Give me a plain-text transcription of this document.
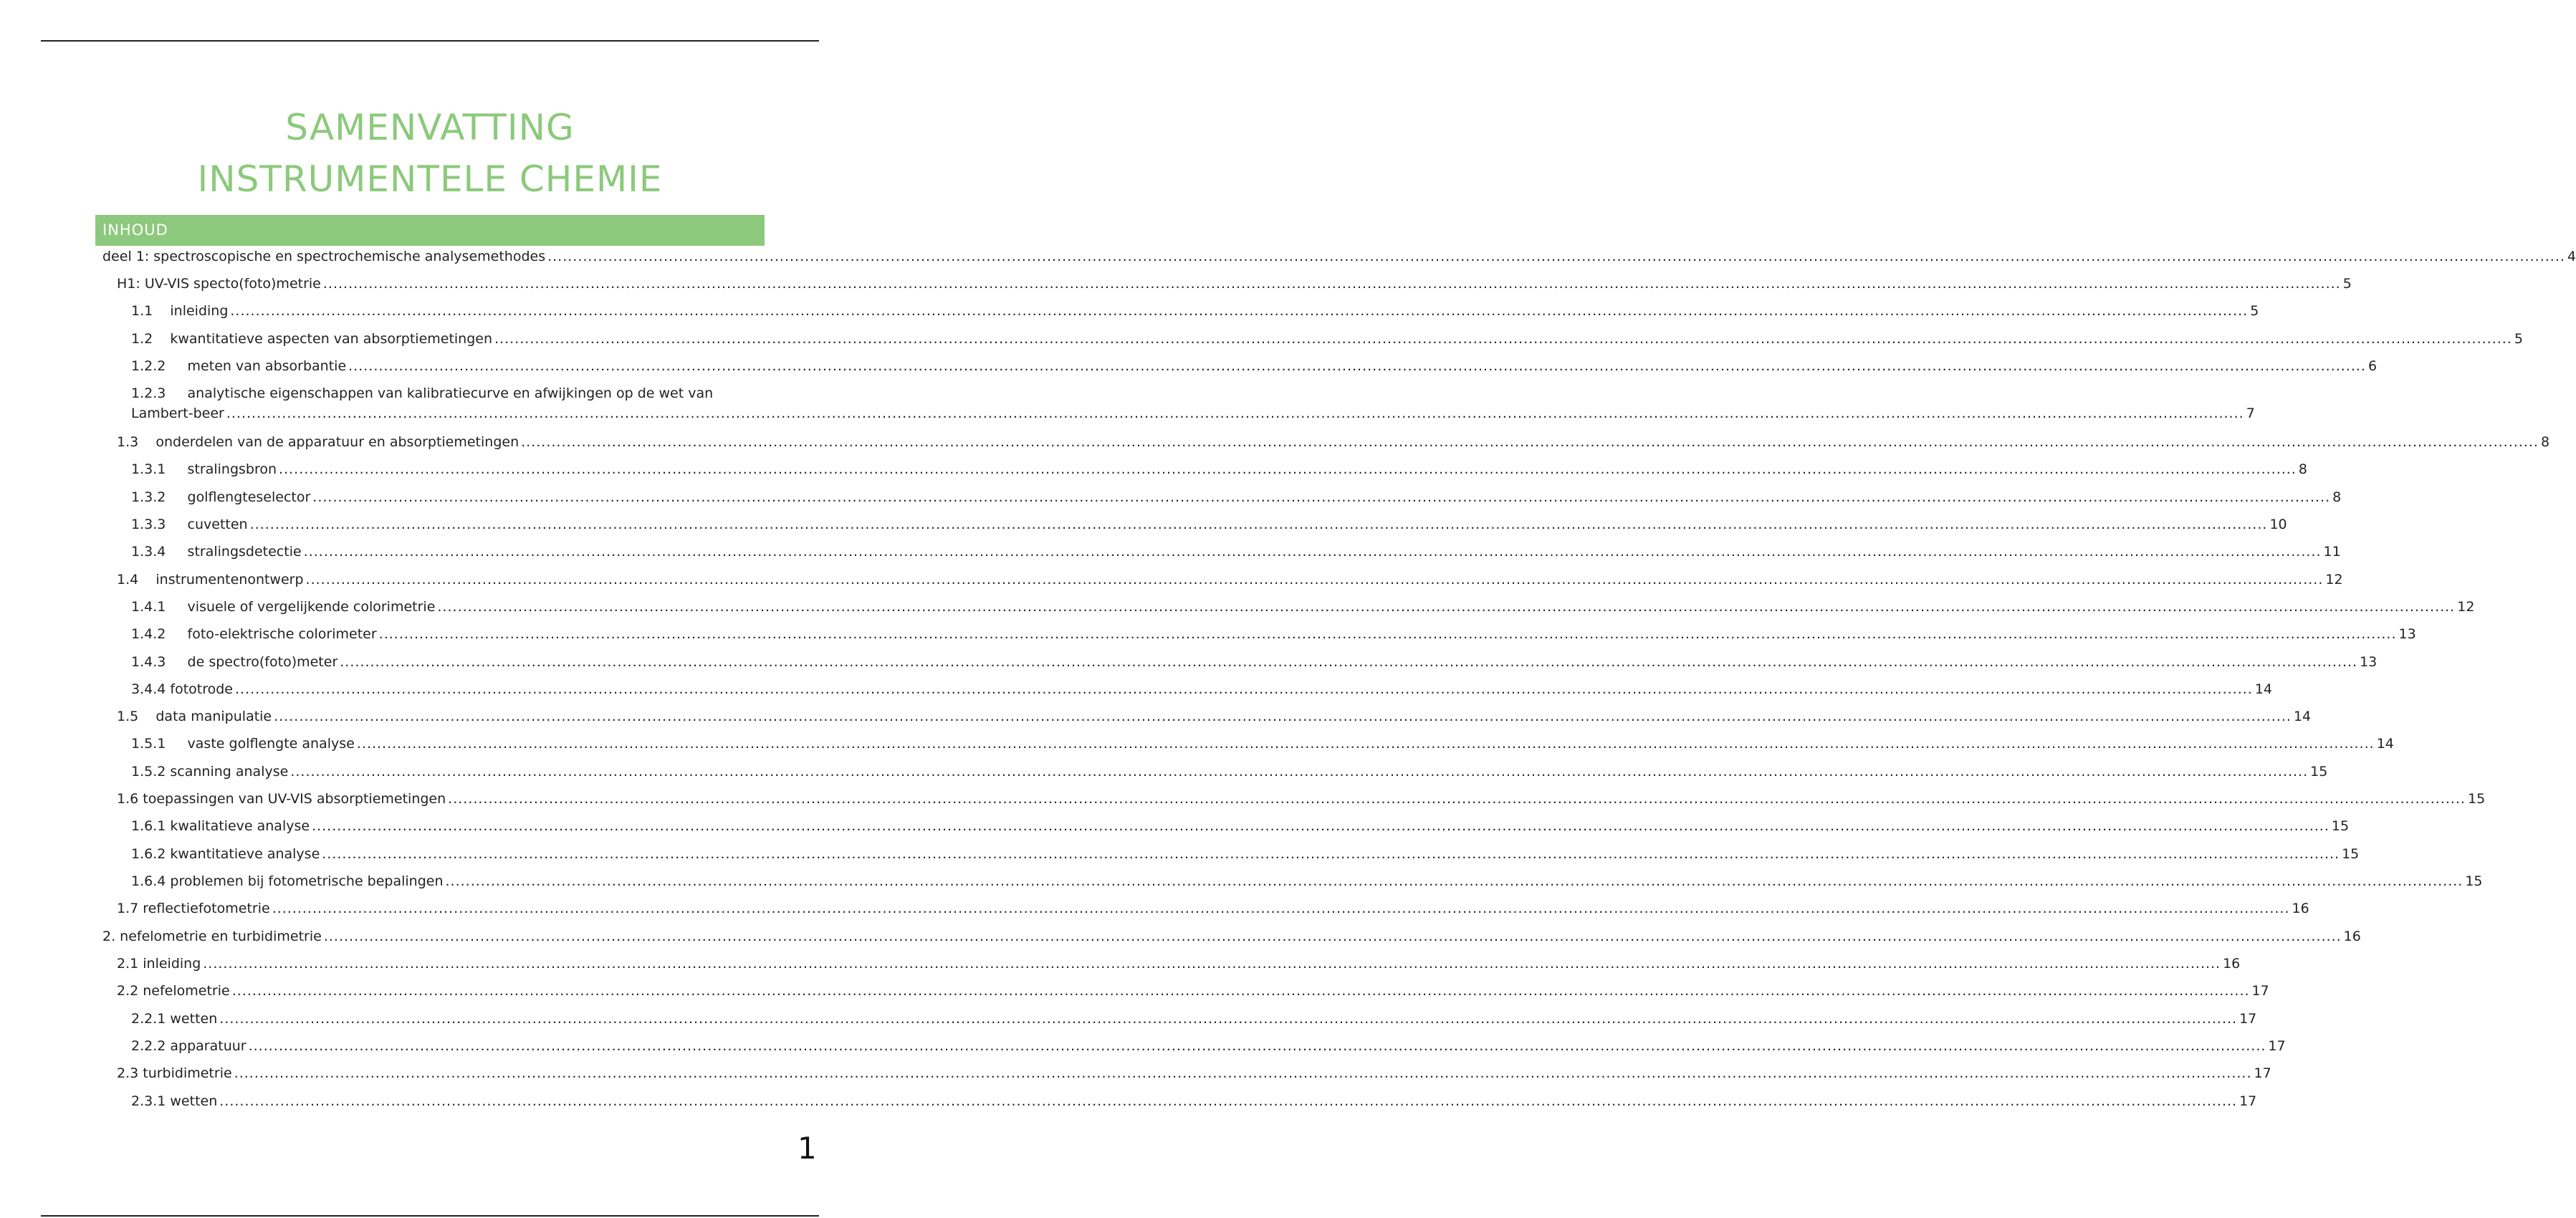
SAMENVATTING
INSTRUMENTELE CHEMIE
INHOUD
deel 1: spectroscopische en spectrochemische analysemethodes ................................................................................................................................................................................................................................................................................................................................................................................................................ 4
H1: UV-VIS specto(foto)metrie ................................................................................................................................................................................................................................................................................................................................................................................................................ 5
1.1    inleiding ................................................................................................................................................................................................................................................................................................................................................................................................................ 5
1.2    kwantitatieve aspecten van absorptiemetingen ................................................................................................................................................................................................................................................................................................................................................................................................................ 5
1.2.2     meten van absorbantie ................................................................................................................................................................................................................................................................................................................................................................................................................ 6
1.2.3     analytische eigenschappen van kalibratiecurve en afwijkingen op de wet van
Lambert-beer ................................................................................................................................................................................................................................................................................................................................................................................................................ 7
1.3    onderdelen van de apparatuur en absorptiemetingen ................................................................................................................................................................................................................................................................................................................................................................................................................ 8
1.3.1     stralingsbron ................................................................................................................................................................................................................................................................................................................................................................................................................ 8
1.3.2     golflengteselector ................................................................................................................................................................................................................................................................................................................................................................................................................ 8
1.3.3     cuvetten ................................................................................................................................................................................................................................................................................................................................................................................................................ 10
1.3.4     stralingsdetectie ................................................................................................................................................................................................................................................................................................................................................................................................................ 11
1.4    instrumentenontwerp ................................................................................................................................................................................................................................................................................................................................................................................................................ 12
1.4.1     visuele of vergelijkende colorimetrie ................................................................................................................................................................................................................................................................................................................................................................................................................ 12
1.4.2     foto-elektrische colorimeter ................................................................................................................................................................................................................................................................................................................................................................................................................ 13
1.4.3     de spectro(foto)meter ................................................................................................................................................................................................................................................................................................................................................................................................................ 13
3.4.4 fototrode ................................................................................................................................................................................................................................................................................................................................................................................................................ 14
1.5    data manipulatie ................................................................................................................................................................................................................................................................................................................................................................................................................ 14
1.5.1     vaste golflengte analyse ................................................................................................................................................................................................................................................................................................................................................................................................................ 14
1.5.2 scanning analyse ................................................................................................................................................................................................................................................................................................................................................................................................................ 15
1.6 toepassingen van UV-VIS absorptiemetingen ................................................................................................................................................................................................................................................................................................................................................................................................................ 15
1.6.1 kwalitatieve analyse ................................................................................................................................................................................................................................................................................................................................................................................................................ 15
1.6.2 kwantitatieve analyse ................................................................................................................................................................................................................................................................................................................................................................................................................ 15
1.6.4 problemen bij fotometrische bepalingen ................................................................................................................................................................................................................................................................................................................................................................................................................ 15
1.7 reflectiefotometrie ................................................................................................................................................................................................................................................................................................................................................................................................................ 16
2. nefelometrie en turbidimetrie ................................................................................................................................................................................................................................................................................................................................................................................................................ 16
2.1 inleiding ................................................................................................................................................................................................................................................................................................................................................................................................................ 16
2.2 nefelometrie ................................................................................................................................................................................................................................................................................................................................................................................................................ 17
2.2.1 wetten ................................................................................................................................................................................................................................................................................................................................................................................................................ 17
2.2.2 apparatuur ................................................................................................................................................................................................................................................................................................................................................................................................................ 17
2.3 turbidimetrie ................................................................................................................................................................................................................................................................................................................................................................................................................ 17
2.3.1 wetten ................................................................................................................................................................................................................................................................................................................................................................................................................ 17
1
